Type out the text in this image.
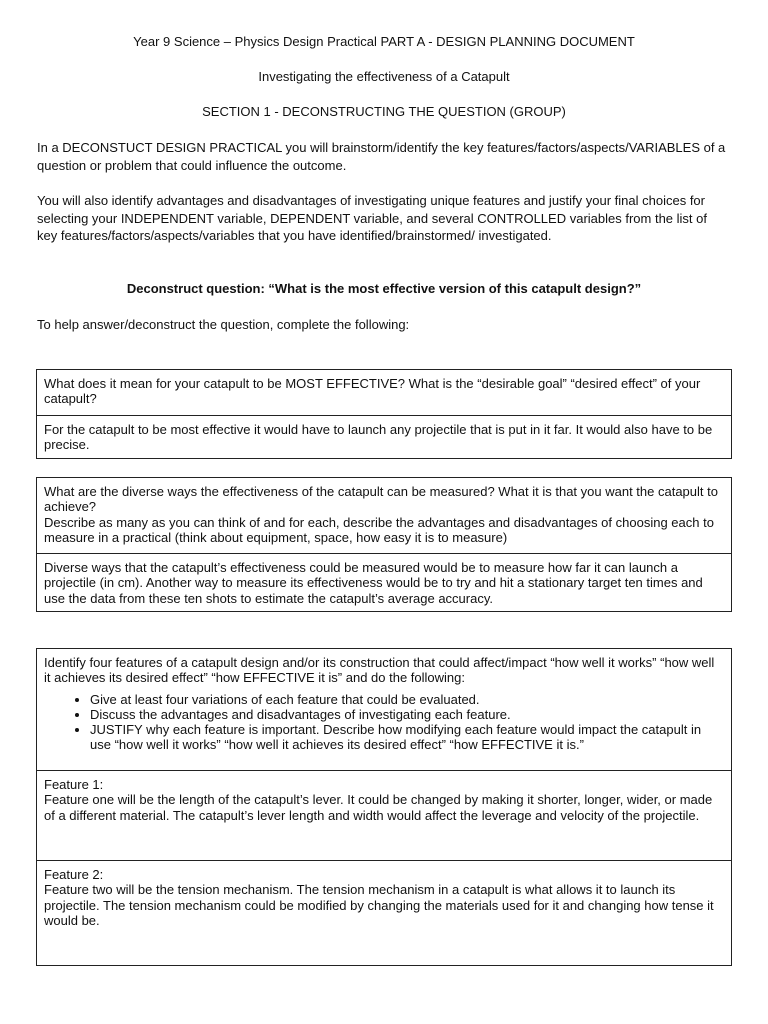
Year 9 Science – Physics Design Practical PART A - DESIGN PLANNING DOCUMENT
Investigating the effectiveness of a Catapult
SECTION 1 - DECONSTRUCTING THE QUESTION (GROUP)
In a DECONSTUCT DESIGN PRACTICAL you will brainstorm/identify the key features/factors/aspects/VARIABLES of a question or problem that could influence the outcome.
You will also identify advantages and disadvantages of investigating unique features and justify your final choices for selecting your INDEPENDENT variable, DEPENDENT variable, and several CONTROLLED variables from the list of key features/factors/aspects/variables that you have identified/brainstormed/ investigated.
Deconstruct question: “What is the most effective version of this catapult design?”
To help answer/deconstruct the question, complete the following:
What does it mean for your catapult to be MOST EFFECTIVE? What is the “desirable goal” “desired effect” of your catapult?
For the catapult to be most effective it would have to launch any projectile that is put in it far. It would also have to be precise.
What are the diverse ways the effectiveness of the catapult can be measured? What it is that you want the catapult to achieve?
Describe as many as you can think of and for each, describe the advantages and disadvantages of choosing each to measure in a practical (think about equipment, space, how easy it is to measure)
Diverse ways that the catapult’s effectiveness could be measured would be to measure how far it can launch a projectile (in cm). Another way to measure its effectiveness would be to try and hit a stationary target ten times and use the data from these ten shots to estimate the catapult’s average accuracy.
Identify four features of a catapult design and/or its construction that could affect/impact “how well it works” “how well it achieves its desired effect” “how EFFECTIVE it is” and do the following:
• Give at least four variations of each feature that could be evaluated.
• Discuss the advantages and disadvantages of investigating each feature.
• JUSTIFY why each feature is important. Describe how modifying each feature would impact the catapult in use “how well it works” “how well it achieves its desired effect” “how EFFECTIVE it is.”
Feature 1:
Feature one will be the length of the catapult’s lever. It could be changed by making it shorter, longer, wider, or made of a different material. The catapult’s lever length and width would affect the leverage and velocity of the projectile.
Feature 2:
Feature two will be the tension mechanism. The tension mechanism in a catapult is what allows it to launch its projectile. The tension mechanism could be modified by changing the materials used for it and changing how tense it would be.
